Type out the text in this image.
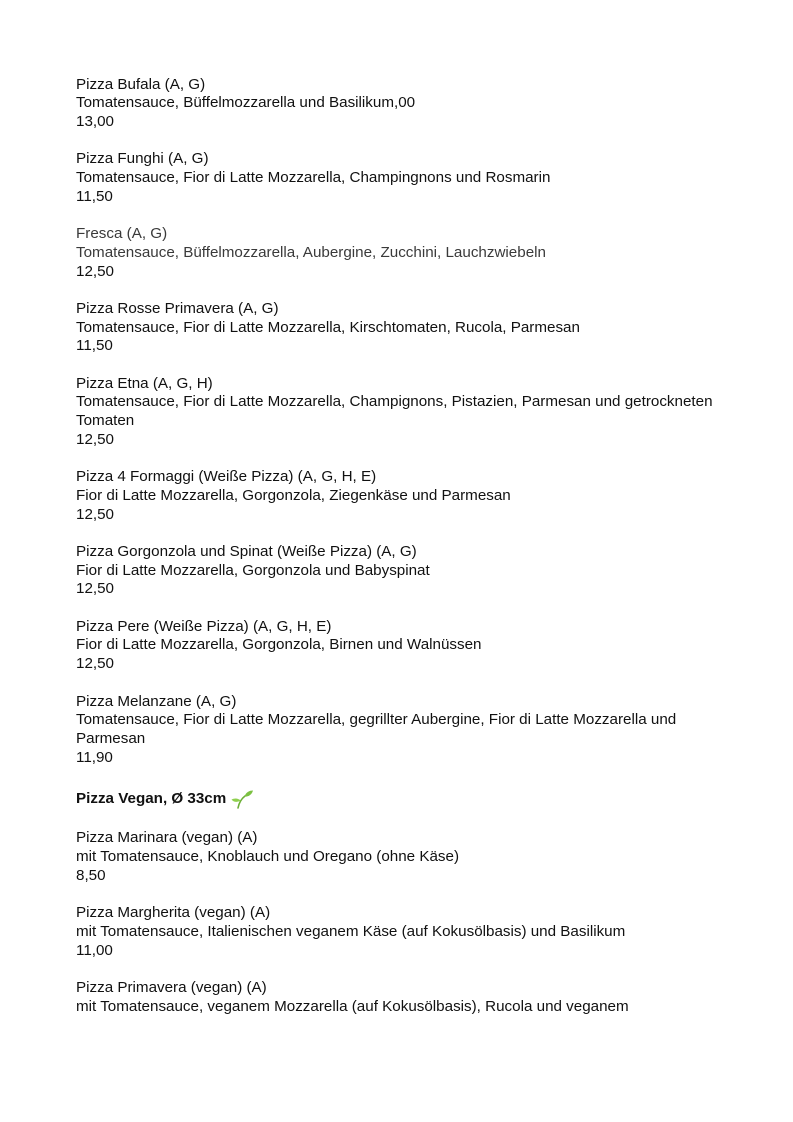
Pizza Bufala (A, G)
Tomatensauce, Büffelmozzarella und Basilikum,00
13,00
Pizza Funghi (A, G)
Tomatensauce, Fior di Latte Mozzarella, Champingnons und Rosmarin
11,50
Fresca (A, G)
Tomatensauce, Büffelmozzarella, Aubergine, Zucchini, Lauchzwiebeln
12,50
Pizza Rosse Primavera (A, G)
Tomatensauce, Fior di Latte Mozzarella, Kirschtomaten, Rucola, Parmesan
11,50
Pizza Etna (A, G, H)
Tomatensauce, Fior di Latte Mozzarella, Champignons, Pistazien, Parmesan und getrockneten Tomaten
12,50
Pizza 4 Formaggi (Weiße Pizza) (A, G, H, E)
Fior di Latte Mozzarella, Gorgonzola, Ziegenkäse und Parmesan
12,50
Pizza Gorgonzola und Spinat (Weiße Pizza) (A, G)
Fior di Latte Mozzarella, Gorgonzola und Babyspinat
12,50
Pizza Pere (Weiße Pizza) (A, G, H, E)
Fior di Latte Mozzarella, Gorgonzola, Birnen und Walnüssen
12,50
Pizza Melanzane (A, G)
Tomatensauce, Fior di Latte Mozzarella, gegrillter Aubergine, Fior di Latte Mozzarella und Parmesan
11,90
Pizza Vegan, Ø 33cm
Pizza Marinara (vegan) (A)
mit Tomatensauce, Knoblauch und Oregano (ohne Käse)
8,50
Pizza Margherita (vegan) (A)
mit Tomatensauce, Italienischen veganem Käse (auf Kokusölbasis) und Basilikum
11,00
Pizza Primavera (vegan) (A)
mit Tomatensauce, veganem Mozzarella (auf Kokusölbasis), Rucola und veganem
